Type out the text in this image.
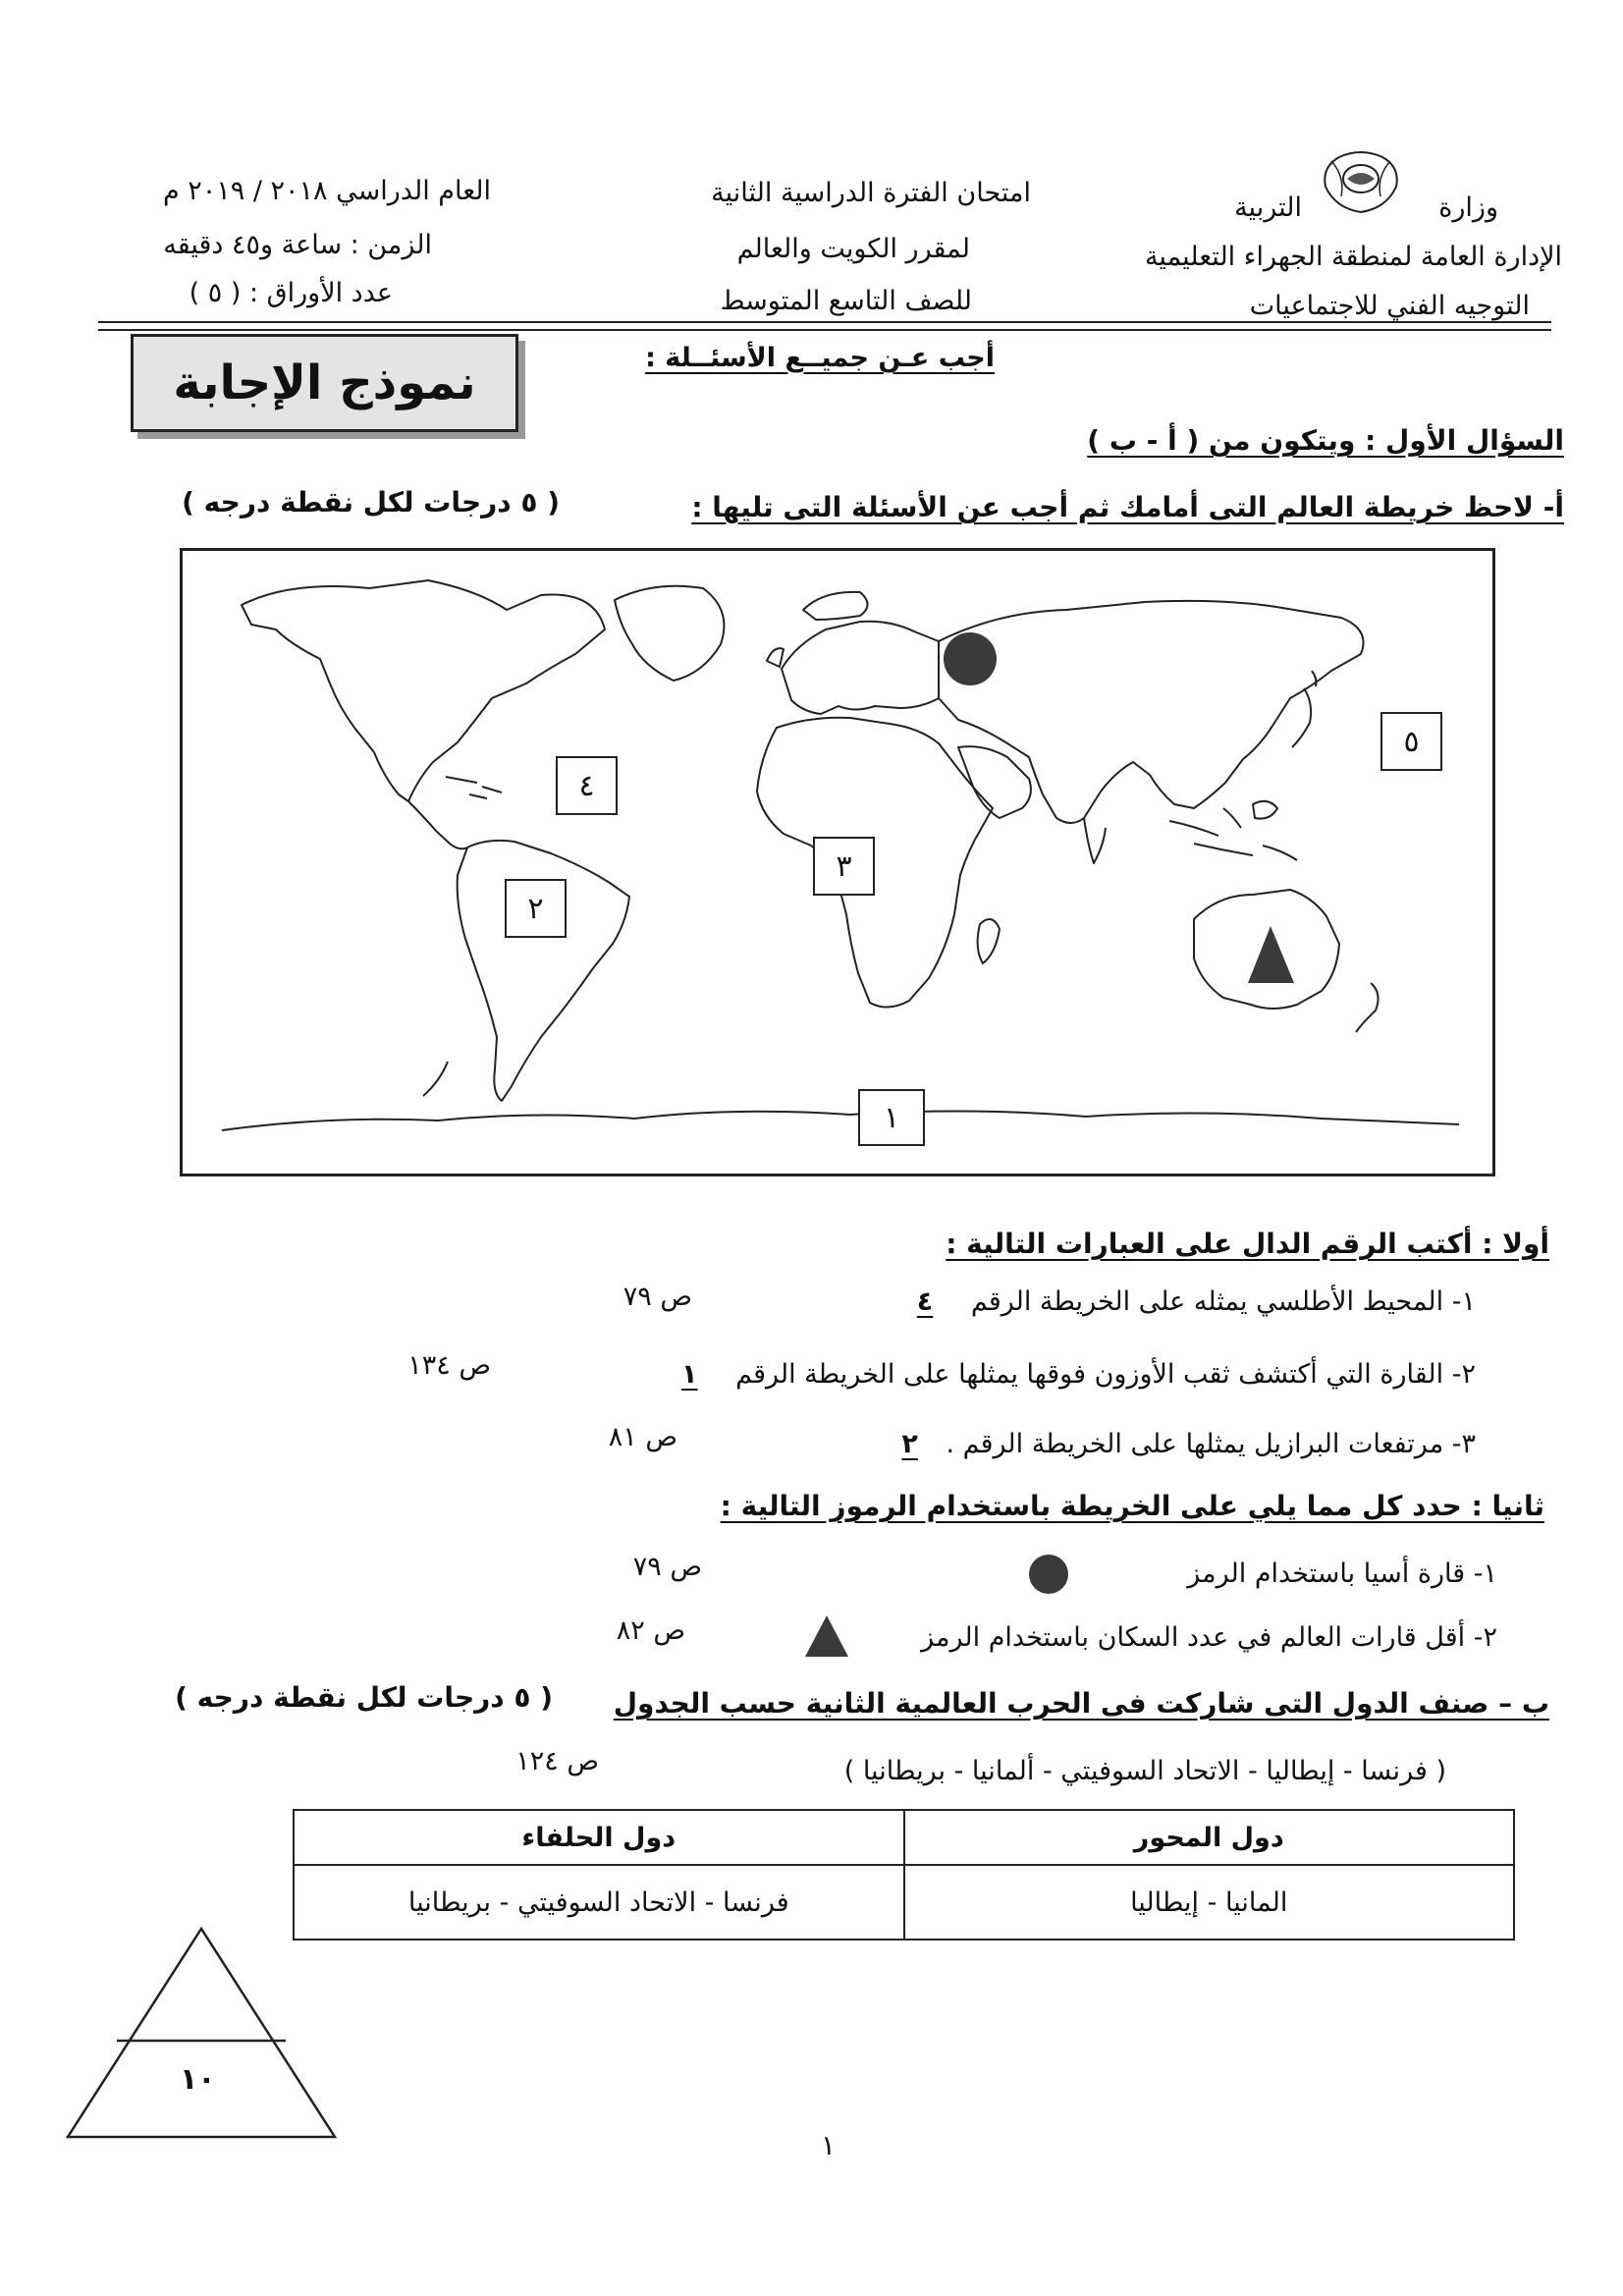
وزارة
التربية
الإدارة العامة لمنطقة الجهراء التعليمية
التوجيه الفني للاجتماعيات
امتحان الفترة الدراسية الثانية
لمقرر الكويت والعالم
للصف التاسع المتوسط
العام الدراسي ٢٠١٨ / ٢٠١٩ م
الزمن : ساعة و٤٥ دقيقه
عدد الأوراق : ( ٥ )
أجب عـن جميــع الأسئــلة :
نموذج الإجابة
السؤال الأول : ويتكون من ( أ - ب )
أ- لاحظ خريطة العالم التى أمامك ثم أجب عن الأسئلة التى تليها :
( ٥ درجات لكل نقطة درجه )
١
٢
٣
٤
٥
أولا : أكتب الرقم الدال على العبارات التالية :
١- المحيط الأطلسي يمثله على الخريطة الرقم ٤
ص ٧٩
٢- القارة التي أكتشف ثقب الأوزون فوقها يمثلها على الخريطة الرقم ١
ص ١٣٤
٣- مرتفعات البرازيل يمثلها على الخريطة الرقم . ٢
ص ٨١
ثانيا : حدد كل مما يلي على الخريطة باستخدام الرموز التالية :
١- قارة أسيا باستخدام الرمز
ص ٧٩
٢- أقل قارات العالم في عدد السكان باستخدام الرمز
ص ٨٢
ب – صنف الدول التى شاركت فى الحرب العالمية الثانية حسب الجدول
( ٥ درجات لكل نقطة درجه )
( فرنسا - إيطاليا - الاتحاد السوفيتي - ألمانيا - بريطانيا )
ص ١٢٤
دول المحور	دول الحلفاء
المانيا - إيطاليا	فرنسا - الاتحاد السوفيتي - بريطانيا
١٠
١
